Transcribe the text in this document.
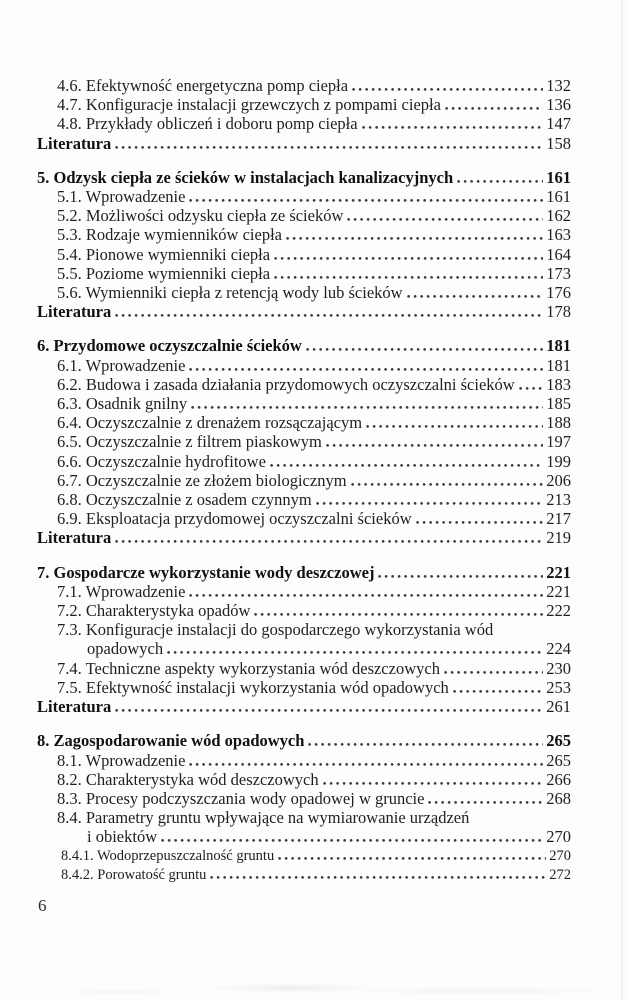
4.6. Efektywność energetyczna pomp ciepła	132
4.7. Konfiguracje instalacji grzewczych z pompami ciepła	136
4.8. Przykłady obliczeń i doboru pomp ciepła	147
Literatura	158
5. Odzysk ciepła ze ścieków w instalacjach kanalizacyjnych	161
5.1. Wprowadzenie	161
5.2. Możliwości odzysku ciepła ze ścieków	162
5.3. Rodzaje wymienników ciepła	163
5.4. Pionowe wymienniki ciepła	164
5.5. Poziome wymienniki ciepła	173
5.6. Wymienniki ciepła z retencją wody lub ścieków	176
Literatura	178
6. Przydomowe oczyszczalnie ścieków	181
6.1. Wprowadzenie	181
6.2. Budowa i zasada działania przydomowych oczyszczalni ścieków 183
6.3. Osadnik gnilny	185
6.4. Oczyszczalnie z drenażem rozsączającym	188
6.5. Oczyszczalnie z filtrem piaskowym	197
6.6. Oczyszczalnie hydrofitowe	199
6.7. Oczyszczalnie ze złożem biologicznym	206
6.8. Oczyszczalnie z osadem czynnym	213
6.9. Eksploatacja przydomowej oczyszczalni ścieków	217
Literatura	219
7. Gospodarcze wykorzystanie wody deszczowej	221
7.1. Wprowadzenie	221
7.2. Charakterystyka opadów	222
7.3. Konfiguracje instalacji do gospodarczego wykorzystania wód
opadowych	224
7.4. Techniczne aspekty wykorzystania wód deszczowych	230
7.5. Efektywność instalacji wykorzystania wód opadowych	253
Literatura	261
8. Zagospodarowanie wód opadowych	265
8.1. Wprowadzenie	265
8.2. Charakterystyka wód deszczowych	266
8.3. Procesy podczyszczania wody opadowej w gruncie	268
8.4. Parametry gruntu wpływające na wymiarowanie urządzeń
i obiektów	270
8.4.1. Wodoprzepuszczalność gruntu	270
8.4.2. Porowatość gruntu	272
6
